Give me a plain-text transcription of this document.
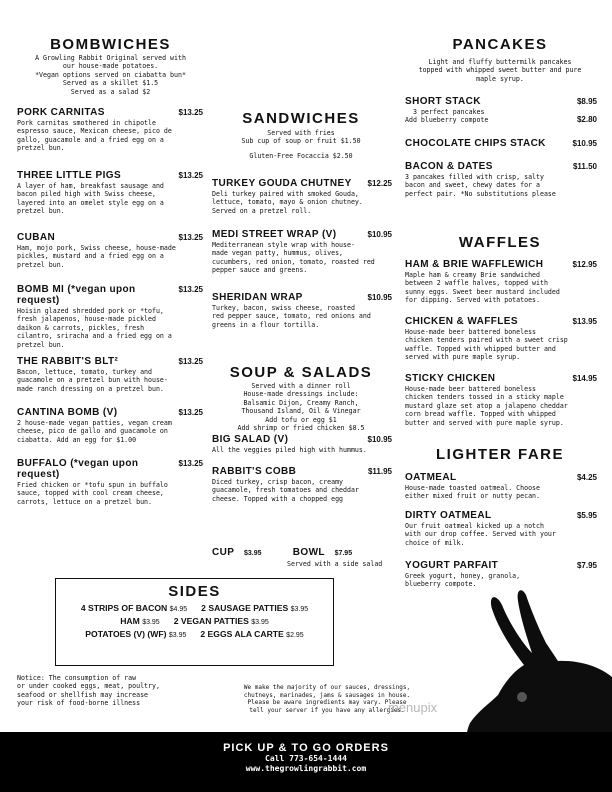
BOMBWICHES
A Growling Rabbit Original served with
our house-made potatoes.
*Vegan options served on ciabatta bun*
Served as a skillet $1.5
Served as a salad $2
PORK CARNITAS	$13.25
Pork carnitas smothered in chipotle
espresso sauce, Mexican cheese, pico de
gallo, guacamole and a fried egg on a
pretzel bun.
THREE LITTLE PIGS	$13.25
A layer of ham, breakfast sausage and
bacon piled high with Swiss cheese,
layered into an omelet style egg on a
pretzel bun.
CUBAN	$13.25
Ham, mojo pork, Swiss cheese, house-made
pickles, mustard and a fried egg on a
pretzel bun.
BOMB MI (*vegan upon request)
$13.25
Hoisin glazed shredded pork or *tofu,
fresh jalapenos, house-made pickled
daikon & carrots, pickles, fresh
cilantro, sriracha and a fried egg on a
pretzel bun.
THE RABBIT'S BLT²	$13.25
Bacon, lettuce, tomato, turkey and
guacamole on a pretzel bun with house-
made ranch dressing on a pretzel bun.
CANTINA BOMB (V)	$13.25
2 house-made vegan patties, vegan cream
cheese, pico de gallo and guacamole on
ciabatta. Add an egg for $1.00
BUFFALO (*vegan upon request)
$13.25
Fried chicken or *tofu spun in buffalo
sauce, topped with cool cream cheese,
carrots, lettuce on a pretzel bun.
SANDWICHES
Served with fries
Sub cup of soup or fruit $1.50
Gluten-Free Focaccia $2.50
TURKEY GOUDA CHUTNEY $12.25
Deli turkey paired with smoked Gouda,
lettuce, tomato, mayo & onion chutney.
Served on a pretzel roll.
MEDI STREET WRAP (V)	$10.95
Mediterranean style wrap with house-
made vegan patty, hummus, olives,
cucumbers, red onion, tomato, roasted red
pepper sauce and greens.
SHERIDAN WRAP	$10.95
Turkey, bacon, swiss cheese, roasted
red pepper sauce, tomato, red onions and
greens in a flour tortilla.
SOUP & SALADS
Served with a dinner roll
House-made dressings include:
Balsamic Dijon, Creamy Ranch,
Thousand Island, Oil & Vinegar
Add tofu or egg $1
Add shrimp or fried chicken $8.5
BIG SALAD (V)	$10.95
All the veggies piled high with hummus.
RABBIT'S COBB	$11.95
Diced turkey, crisp bacon, creamy
guacamole, fresh tomatoes and cheddar
cheese. Topped with a chopped egg
CUP $3.95	BOWL $7.95
Served with a side salad
PANCAKES
Light and fluffy buttermilk pancakes
topped with whipped sweet butter and pure
maple syrup.
SHORT STACK	$8.95
3 perfect pancakes
Add blueberry compote	$2.80
CHOCOLATE CHIPS STACK	$10.95
BACON & DATES	$11.50
3 pancakes filled with crisp, salty
bacon and sweet, chewy dates for a
perfect pair. *No substitutions please
WAFFLES
HAM & BRIE WAFFLEWICH	$12.95
Maple ham & creamy Brie sandwiched
between 2 waffle halves, topped with
sunny eggs. Sweet beer mustard included
for dipping. Served with potatoes.
CHICKEN & WAFFLES	$13.95
House-made beer battered boneless
chicken tenders paired with a sweet crisp
waffle. Topped with whipped butter and
served with pure maple syrup.
STICKY CHICKEN	$14.95
House-made beer battered boneless
chicken tenders tossed in a sticky maple
mustard glaze set atop a jalapeno cheddar
corn bread waffle. Topped with whipped
butter and served with pure maple syrup.
LIGHTER FARE
OATMEAL	$4.25
House-made toasted oatmeal. Choose
either mixed fruit or nutty pecan.
DIRTY OATMEAL	$5.95
Our fruit oatmeal kicked up a notch
with our drop coffee. Served with your
choice of milk.
YOGURT PARFAIT	$7.95
Greek yogurt, honey, granola,
blueberry compote.
SIDES
4 STRIPS OF BACON $4.95 2 SAUSAGE PATTIES $3.95
HAM $3.95 2 VEGAN PATTIES $3.95
POTATOES (V) (WF) $3.95 2 EGGS ALA CARTE $2.95
Notice: The consumption of raw
or under cooked eggs, meat, poultry,
seafood or shellfish may increase
your risk of food-borne illness
We make the majority of our sauces, dressings,
chutneys, marinades, jams & sausages in house.
Please be aware ingredients may vary. Please
tell your server if you have any allergies.
menupix
PICK UP & TO GO ORDERS
Call 773-654-1444
www.thegrowlingrabbit.com
